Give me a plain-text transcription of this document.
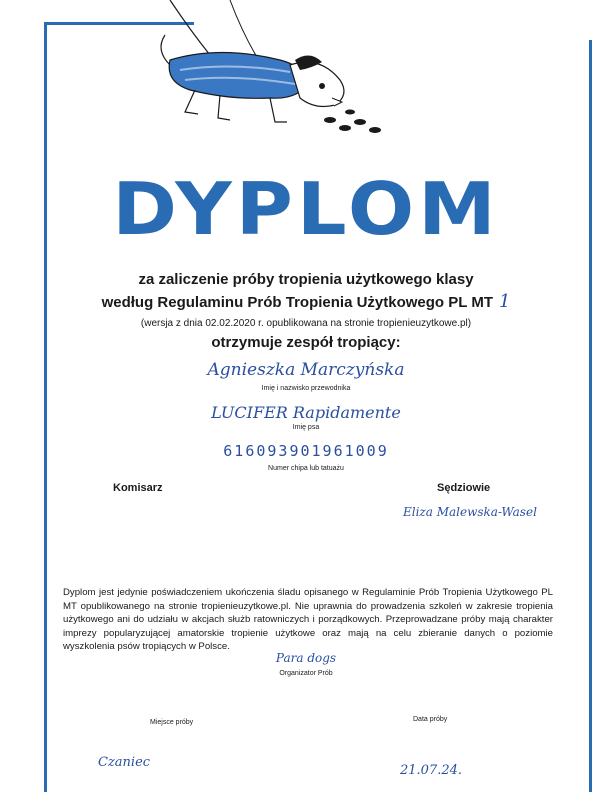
DYPLOM
za zaliczenie próby tropienia użytkowego klasy
według Regulaminu Prób Tropienia Użytkowego PL MT 1
(wersja z dnia 02.02.2020 r. opublikowana na stronie tropienieuzytkowe.pl)
otrzymuje zespół tropiący:
Agnieszka Marczyńska
Imię i nazwisko przewodnika
LUCIFER Rapidamente
Imię psa
616093901961009
Numer chipa lub tatuażu
Komisarz	Sędziowie
Eliza Malewska-Wasel
Dyplom jest jedynie poświadczeniem ukończenia śladu opisanego w Regulaminie Prób Tropienia Użytkowego PL MT opublikowanego na stronie tropienieuzytkowe.pl. Nie uprawnia do prowadzenia szkoleń w zakresie tropienia użytkowego ani do udziału w akcjach służb ratowniczych i porządkowych. Przeprowadzane próby mają charakter imprezy popularyzującej amatorskie tropienie użytkowe oraz mają na celu zbieranie danych o poziomie wyszkolenia psów tropiących w Polsce.
Para dogs
Organizator Prób
Miejsce próby	Data próby
Czaniec
21.07.24.
